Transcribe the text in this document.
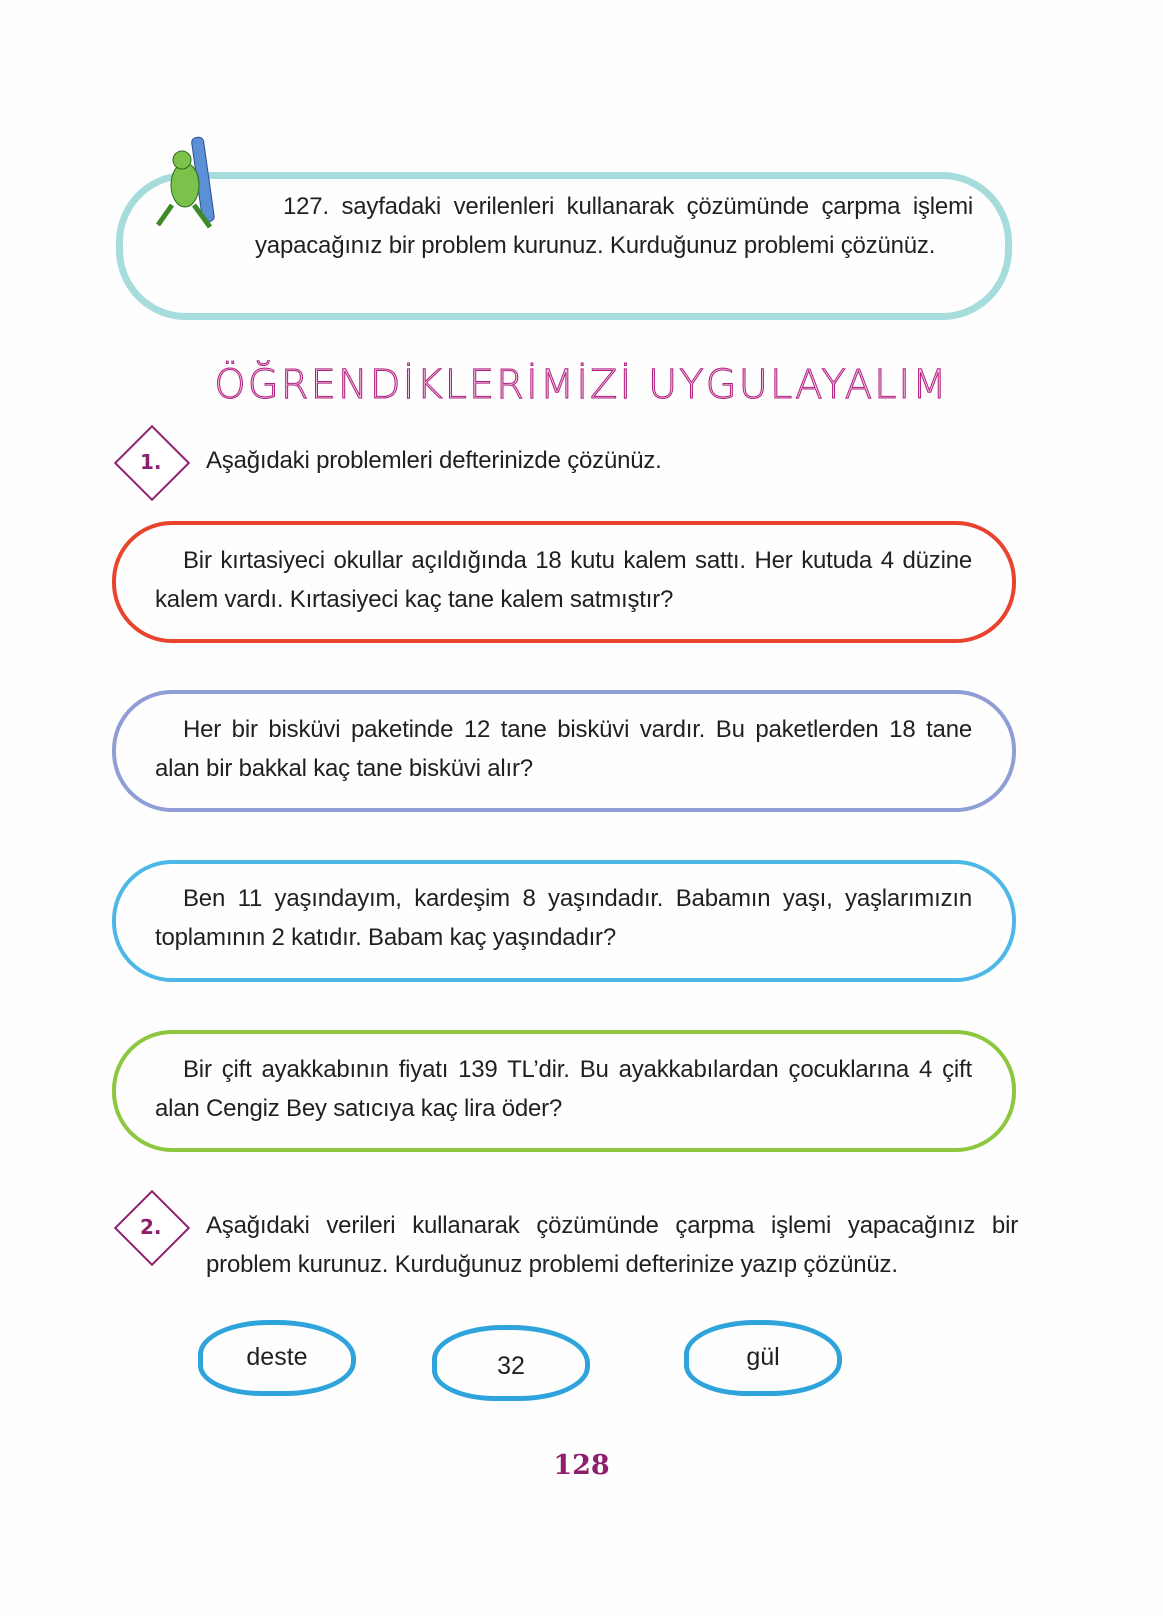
127. sayfadaki verilenleri kullanarak çözümünde çarpma işlemi yapacağınız bir problem kurunuz. Kurduğunuz problemi çözünüz.
ÖĞRENDİKLERİMİZİ UYGULAYALIM
1. Aşağıdaki problemleri defterinizde çözünüz.
Bir kırtasiyeci okullar açıldığında 18 kutu kalem sattı. Her kutuda 4 düzine kalem vardı. Kırtasiyeci kaç tane kalem satmıştır?
Her bir bisküvi paketinde 12 tane bisküvi vardır. Bu paketlerden 18 tane alan bir bakkal kaç tane bisküvi alır?
Ben 11 yaşındayım, kardeşim 8 yaşındadır. Babamın yaşı, yaşlarımızın toplamının 2 katıdır. Babam kaç yaşındadır?
Bir çift ayakkabının fiyatı 139 TL’dir. Bu ayakkabılardan çocuklarına 4 çift alan Cengiz Bey satıcıya kaç lira öder?
2. Aşağıdaki verileri kullanarak çözümünde çarpma işlemi yapacağınız bir problem kurunuz. Kurduğunuz problemi defterinize yazıp çözünüz.
deste	32	gül
128
